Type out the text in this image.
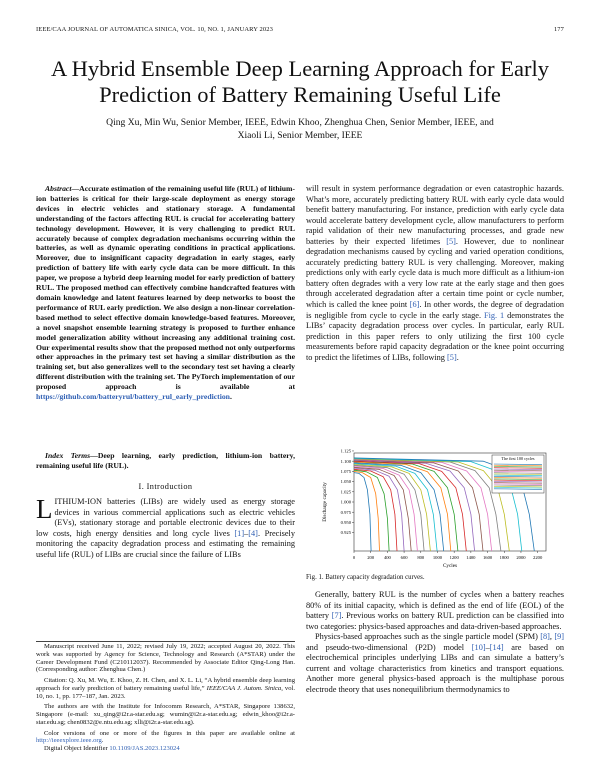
IEEE/CAA JOURNAL OF AUTOMATICA SINICA, VOL. 10, NO. 1, JANUARY 2023	177
A Hybrid Ensemble Deep Learning Approach for Early Prediction of Battery Remaining Useful Life
Qing Xu, Min Wu, Senior Member, IEEE, Edwin Khoo, Zhenghua Chen, Senior Member, IEEE, and
Xiaoli Li, Senior Member, IEEE

Abstract—Accurate estimation of the remaining useful life (RUL) of lithium-ion batteries is critical for their large-scale deployment as energy storage devices in electric vehicles and stationary storage. A fundamental understanding of the factors affecting RUL is crucial for accelerating battery technology development. However, it is very challenging to predict RUL accurately because of complex degradation mechanisms occurring within the batteries, as well as dynamic operating conditions in practical applications. Moreover, due to insignificant capacity degradation in early stages, early prediction of battery life with early cycle data can be more difficult. In this paper, we propose a hybrid deep learning model for early prediction of battery RUL. The proposed method can effectively combine handcrafted features with domain knowledge and latent features learned by deep networks to boost the performance of RUL early prediction. We also design a non-linear correlation-based method to select effective domain knowledge-based features. Moreover, a novel snapshot ensemble learning strategy is proposed to further enhance model generalization ability without increasing any additional training cost. Our experimental results show that the proposed method not only outperforms other approaches in the primary test set having a similar distribution as the training set, but also generalizes well to the secondary test set having a clearly different distribution with the training set. The PyTorch implementation of our proposed approach is available at https://github.com/batteryrul/battery_rul_early_prediction.

Index Terms—Deep learning, early prediction, lithium-ion battery, remaining useful life (RUL).

I. Introduction

LITHIUM-ION batteries (LIBs) are widely used as energy storage devices in various commercial applications such as electric vehicles (EVs), stationary storage and portable electronic devices due to their low costs, high energy densities and long cycle lives [1]–[4]. Precisely monitoring the capacity degradation process and estimating the remaining useful life (RUL) of LIBs are crucial since the failure of LIBs

Manuscript received June 11, 2022; revised July 19, 2022; accepted August 20, 2022. This work was supported by Agency for Science, Technology and Research (A*STAR) under the Career Development Fund (C210112037). Recommended by Associate Editor Qing-Long Han. (Corresponding author: Zhenghua Chen.)

Citation: Q. Xu, M. Wu, E. Khoo, Z. H. Chen, and X. L. Li, “A hybrid ensemble deep learning approach for early prediction of battery remaining useful life,” IEEE/CAA J. Autom. Sinica, vol. 10, no. 1, pp. 177–187, Jan. 2023.

The authors are with the Institute for Infocomm Research, A*STAR, Singapore 138632, Singapore (e-mail: xu_qing@i2r.a-star.edu.sg; wumin@i2r.a-star.edu.sg; edwin_khoo@i2r.a-star.edu.sg; chen0832@e.ntu.edu.sg; xlli@i2r.a-star.edu.sg).

Color versions of one or more of the figures in this paper are available online at http://ieeexplore.ieee.org.

Digital Object Identifier 10.1109/JAS.2023.123024

will result in system performance degradation or even catastrophic hazards. What’s more, accurately predicting battery RUL with early cycle data would benefit battery manufacturing. For instance, prediction with early cycle data would accelerate battery development cycle, allow manufacturers to perform rapid validation of their new manufacturing processes, and grade new batteries by their expected lifetimes [5]. However, due to nonlinear degradation mechanisms caused by cycling and varied operation conditions, accurately predicting battery RUL is very challenging. Moreover, making predictions only with early cycle data is much more difficult as a lithium-ion battery often degrades with a very low rate at the early stage and then goes through accelerated degradation after a certain time point or cycle number, which is called the knee point [6]. In other words, the degree of degradation is negligible from cycle to cycle in the early stage. Fig. 1 demonstrates the LIBs’ capacity degradation process over cycles. In particular, early RUL prediction in this paper refers to only utilizing the first 100 cycle measurements before rapid capacity degradation or the knee point occurring to predict the lifetimes of LIBs, following [5].

0	200 400 600 800 1000 1200 1400 1600 1800 2000 2200
0.925
0.950
0.975
1.000
1.025
1.050
1.075
1.100
1.125
Cycles
Discharge capacity
The first 100 cycles
Fig. 1. Battery capacity degradation curves.

Generally, battery RUL is the number of cycles when a battery reaches 80% of its initial capacity, which is defined as the end of life (EOL) of the battery [7]. Previous works on battery RUL prediction can be classified into two categories: physics-based approaches and data-driven-based approaches.

Physics-based approaches such as the single particle model (SPM) [8], [9] and pseudo-two-dimensional (P2D) model [10]–[14] are based on electrochemical principles underlying LIBs and can simulate a battery’s current and voltage characteristics from kinetics and transport equations. Another more general physics-based approach is the multiphase porous electrode theory that uses nonequilibrium thermodynamics to
